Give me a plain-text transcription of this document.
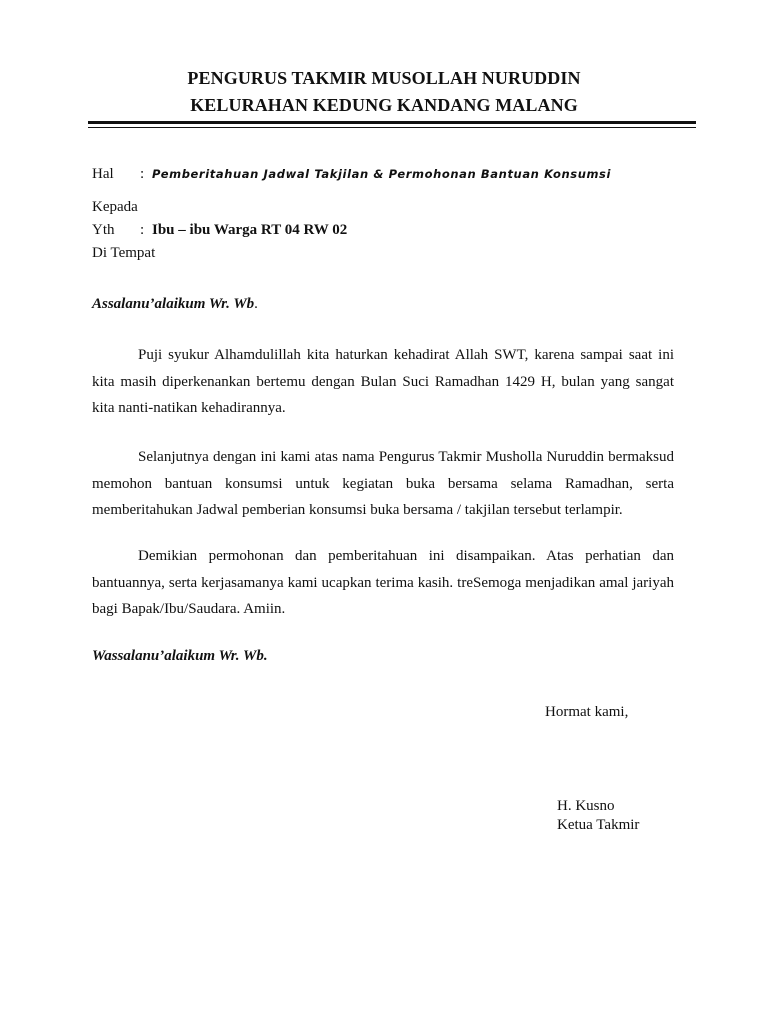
PENGURUS TAKMIR MUSOLLAH NURUDDIN
KELURAHAN KEDUNG KANDANG MALANG
Hal : Pemberitahuan Jadwal Takjilan & Permohonan Bantuan Konsumsi
Kepada
Yth : Ibu – ibu Warga RT 04 RW 02
Di Tempat
Assalanu’alaikum Wr. Wb.

Puji syukur Alhamdulillah kita haturkan kehadirat Allah SWT, karena sampai saat ini kita masih diperkenankan bertemu dengan Bulan Suci Ramadhan 1429 H, bulan yang sangat kita nanti-natikan kehadirannya.

Selanjutnya dengan ini kami atas nama Pengurus Takmir Musholla Nuruddin bermaksud memohon bantuan konsumsi untuk kegiatan buka bersama selama Ramadhan, serta memberitahukan Jadwal pemberian konsumsi buka bersama / takjilan tersebut terlampir.

Demikian permohonan dan pemberitahuan ini disampaikan. Atas perhatian dan bantuannya, serta kerjasamanya kami ucapkan terima kasih. treSemoga menjadikan amal jariyah bagi Bapak/Ibu/Saudara. Amiin.

Wassalanu’alaikum Wr. Wb.
Hormat kami,
H. Kusno
Ketua Takmir
